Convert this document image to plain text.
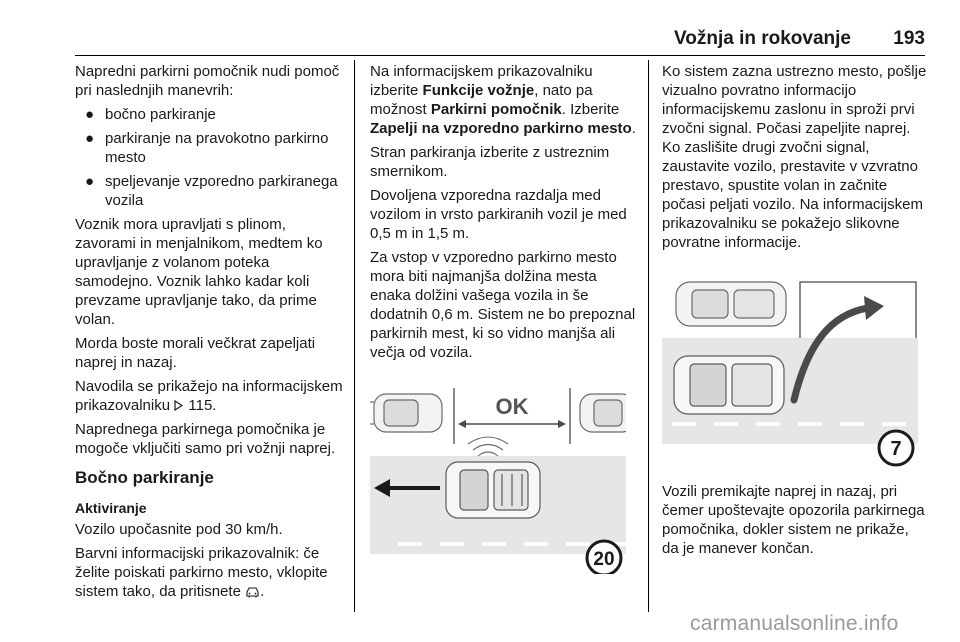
Vožnja in rokovanje 193

Napredni parkirni pomočnik nudi pomoč pri naslednjih manevrih:

● bočno parkiranje
● parkiranje na pravokotno parkirno mesto
● speljevanje vzporedno parkiranega vozila

Voznik mora upravljati s plinom, zavorami in menjalnikom, medtem ko upravljanje z volanom poteka samodejno. Voznik lahko kadar koli prevzame upravljanje tako, da prime volan.

Morda boste morali večkrat zapeljati naprej in nazaj.

Navodila se prikažejo na informacijskem prikazovalniku  115.

Naprednega parkirnega pomočnika je mogoče vključiti samo pri vožnji naprej.

Bočno parkiranje
Aktiviranje

Vozilo upočasnite pod 30 km/h.

Barvni informacijski prikazovalnik: če želite poiskati parkirno mesto, vklopite sistem tako, da pritisnete .

Na informacijskem prikazovalniku izberite Funkcije vožnje, nato pa možnost Parkirni pomočnik. Izberite Zapelji na vzporedno parkirno mesto.

Stran parkiranja izberite z ustreznim smernikom.

Dovoljena vzporedna razdalja med vozilom in vrsto parkiranih vozil je med 0,5 m in 1,5 m.

Za vstop v vzporedno parkirno mesto mora biti najmanjša dolžina mesta enaka dolžini vašega vozila in še dodatnih 0,6 m. Sistem ne bo prepoznal parkirnih mest, ki so vidno manjša ali večja od vozila.

OK
20

Ko sistem zazna ustrezno mesto, pošlje vizualno povratno informacijo informacijskemu zaslonu in sproži prvi zvočni signal. Počasi zapeljite naprej. Ko zaslišite drugi zvočni signal, zaustavite vozilo, prestavite v vzvratno prestavo, spustite volan in začnite počasi peljati vozilo. Na informacijskem prikazovalniku se pokažejo slikovne povratne informacije.

7

Vozili premikajte naprej in nazaj, pri čemer upoštevajte opozorila parkirnega pomočnika, dokler sistem ne prikaže, da je manever končan.

carmanualsonline.info
